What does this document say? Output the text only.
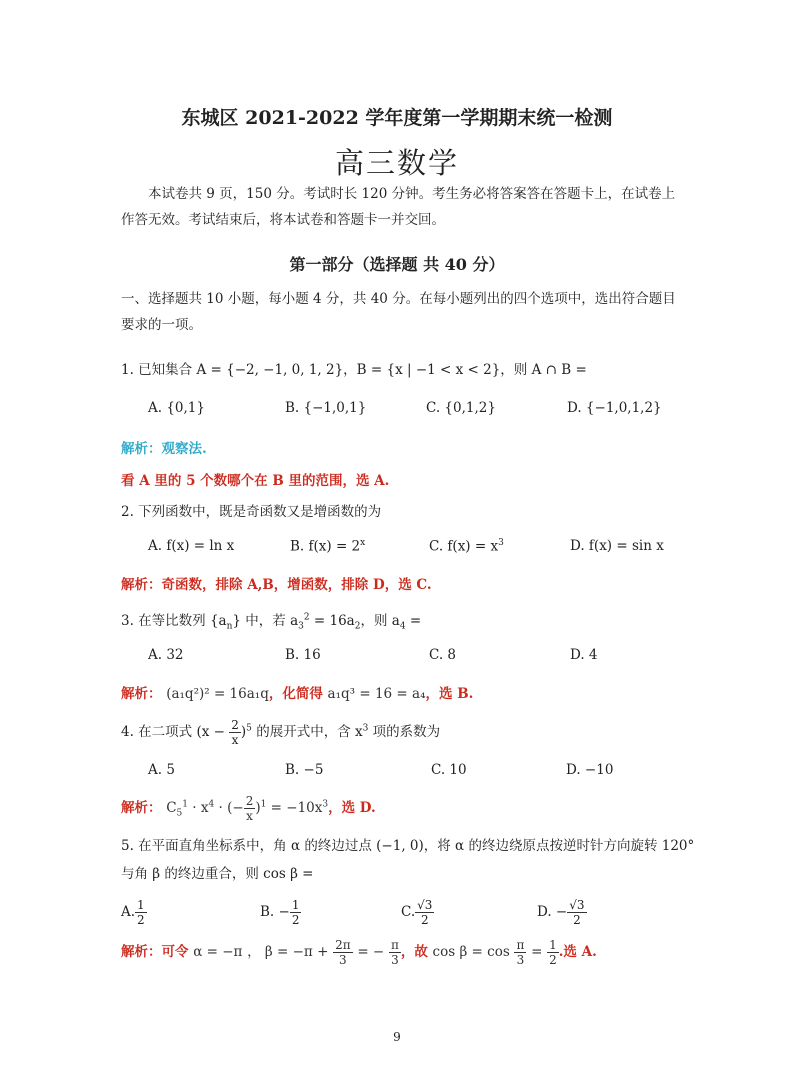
东城区 2021-2022 学年度第一学期期末统一检测
高三数学
本试卷共 9 页，150 分。考试时长 120 分钟。考生务必将答案答在答题卡上，在试卷上
作答无效。考试结束后，将本试卷和答题卡一并交回。
第一部分（选择题 共 40 分）
一、选择题共 10 小题，每小题 4 分，共 40 分。在每小题列出的四个选项中，选出符合题目
要求的一项。
1. 已知集合 A = {−2, −1, 0, 1, 2}，B = {x | −1 < x < 2}，则 A ∩ B =
A. {0,1}	B. {−1,0,1}	C. {0,1,2}	D. {−1,0,1,2}
解析：观察法.
看 A 里的 5 个数哪个在 B 里的范围，选 A.
2. 下列函数中，既是奇函数又是增函数的为
A. f(x) = ln x	B. $f(x) = 2^x$	C. $f(x) = x^3$	D. f(x) = sin x
解析：奇函数，排除 A,B，增函数，排除 D，选 C.
3. 在等比数列 $\{a_n\}$ 中，若 $a_3^2 = 16a_2$，则 $a_4$ =
A. 32	B. 16	C. 8	D. 4
解析： (a₁q²)² = 16a₁q，化简得 a₁q³ = 16 = a₄，选 B.
4. 在二项式 $(x - \frac{2}{x} )^5$ 的展开式中，含 $x^3$ 项的系数为
A. 5	B. −5	C. 10	D. −10
解析： $C_5^1 \cdot x^4$ · (− $\frac{2}{x} )^1 = -10x^3$，选 D.
5. 在平面直角坐标系中，角 α 的终边过点 (−1, 0)，将 α 的终边绕原点按逆时针方向旋转 120°
与角 β 的终边重合，则 cos β =
A. $\frac{1}{2}$	B. − $\frac{1}{2}$	C. $\frac{√3}{2}$	D. − $\frac{√3}{2}$
解析：可令 α = −π ， $\beta = -\pi + \frac{2\pi}{3}$ = − $\frac{\pi}{3}$ ，故 $\cos \beta = \cos \frac{\pi}{3} = \frac{1}{2}$ .选 A.
9
